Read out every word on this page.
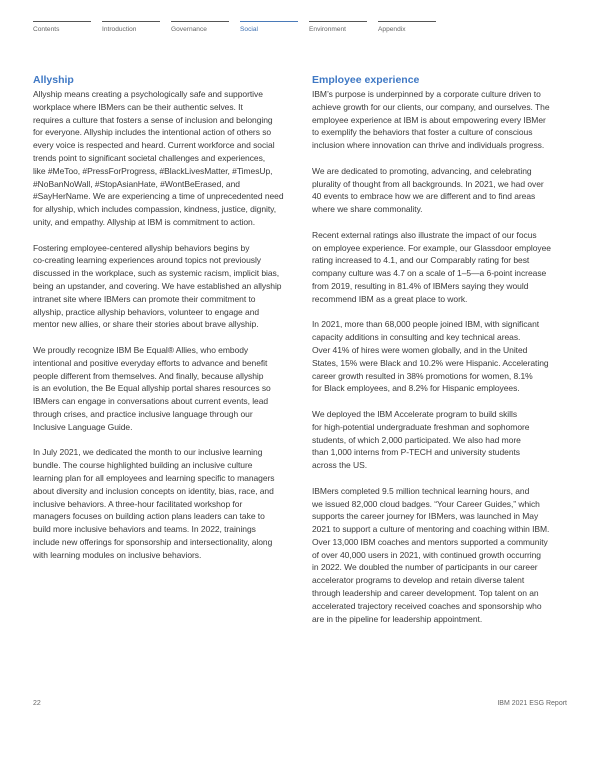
Contents	Introduction	Governance	Social	Environment	Appendix
Allyship

Allyship means creating a psychologically safe and supportive
workplace where IBMers can be their authentic selves. It
requires a culture that fosters a sense of inclusion and belonging
for everyone. Allyship includes the intentional action of others so
every voice is respected and heard. Current workforce and social
trends point to significant societal challenges and experiences,
like #MeToo, #PressForProgress, #BlackLivesMatter, #TimesUp,
#NoBanNoWall, #StopAsianHate, #WontBeErased, and
#SayHerName. We are experiencing a time of unprecedented need
for allyship, which includes compassion, kindness, justice, dignity,
unity, and empathy. Allyship at IBM is commitment to action.

Fostering employee-centered allyship behaviors begins by
co-creating learning experiences around topics not previously
discussed in the workplace, such as systemic racism, implicit bias,
being an upstander, and covering. We have established an allyship
intranet site where IBMers can promote their commitment to
allyship, practice allyship behaviors, volunteer to engage and
mentor new allies, or share their stories about brave allyship.

We proudly recognize IBM Be Equal® Allies, who embody
intentional and positive everyday efforts to advance and benefit
people different from themselves. And finally, because allyship
is an evolution, the Be Equal allyship portal shares resources so
IBMers can engage in conversations about current events, lead
through crises, and practice inclusive language through our
Inclusive Language Guide.

In July 2021, we dedicated the month to our inclusive learning
bundle. The course highlighted building an inclusive culture
learning plan for all employees and learning specific to managers
about diversity and inclusion concepts on identity, bias, race, and
inclusive behaviors. A three-hour facilitated workshop for
managers focuses on building action plans leaders can take to
build more inclusive behaviors and teams. In 2022, trainings
include new offerings for sponsorship and intersectionality, along
with learning modules on inclusive behaviors.

Employee experience

IBM’s purpose is underpinned by a corporate culture driven to
achieve growth for our clients, our company, and ourselves. The
employee experience at IBM is about empowering every IBMer
to exemplify the behaviors that foster a culture of conscious
inclusion where innovation can thrive and individuals progress.

We are dedicated to promoting, advancing, and celebrating
plurality of thought from all backgrounds. In 2021, we had over
40 events to embrace how we are different and to find areas
where we share commonality.

Recent external ratings also illustrate the impact of our focus
on employee experience. For example, our Glassdoor employee
rating increased to 4.1, and our Comparably rating for best
company culture was 4.7 on a scale of 1–5—a 6-point increase
from 2019, resulting in 81.4% of IBMers saying they would
recommend IBM as a great place to work.

In 2021, more than 68,000 people joined IBM, with significant
capacity additions in consulting and key technical areas.
Over 41% of hires were women globally, and in the United
States, 15% were Black and 10.2% were Hispanic. Accelerating
career growth resulted in 38% promotions for women, 8.1%
for Black employees, and 8.2% for Hispanic employees.

We deployed the IBM Accelerate program to build skills
for high-potential undergraduate freshman and sophomore
students, of which 2,000 participated. We also had more
than 1,000 interns from P-TECH and university students
across the US.

IBMers completed 9.5 million technical learning hours, and
we issued 82,000 cloud badges. “Your Career Guides,” which
supports the career journey for IBMers, was launched in May
2021 to support a culture of mentoring and coaching within IBM.
Over 13,000 IBM coaches and mentors supported a community
of over 40,000 users in 2021, with continued growth occurring
in 2022. We doubled the number of participants in our career
accelerator programs to develop and retain diverse talent
through leadership and career development. Top talent on an
accelerated trajectory received coaches and sponsorship who
are in the pipeline for leadership appointment.

22	IBM 2021 ESG Report
